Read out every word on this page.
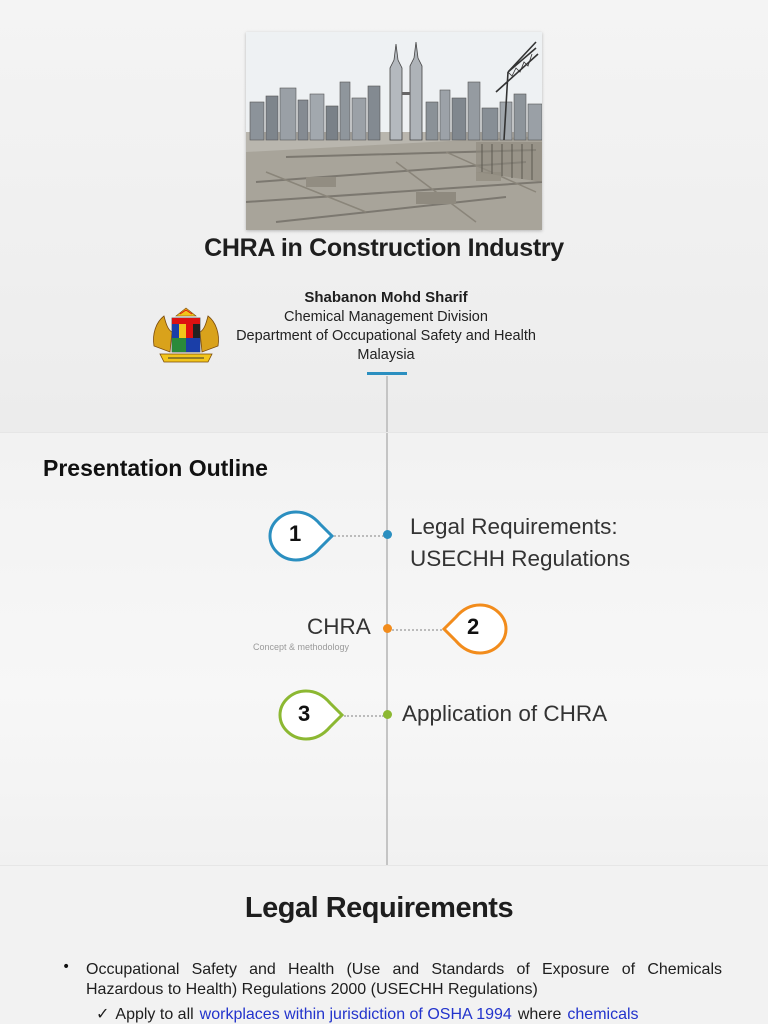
CHRA in Construction Industry
Shabanon Mohd Sharif
Chemical Management Division
Department of Occupational Safety and Health
Malaysia
Presentation Outline
1	Legal Requirements:
USECHH Regulations
CHRA
Concept & methodology
2
3	Application of CHRA
Legal Requirements
• Occupational Safety and Health (Use and Standards of Exposure of Chemicals Hazardous to Health) Regulations 2000 (USECHH Regulations)
✓ Apply to all workplaces within jurisdiction of OSHA 1994 where chemicals
